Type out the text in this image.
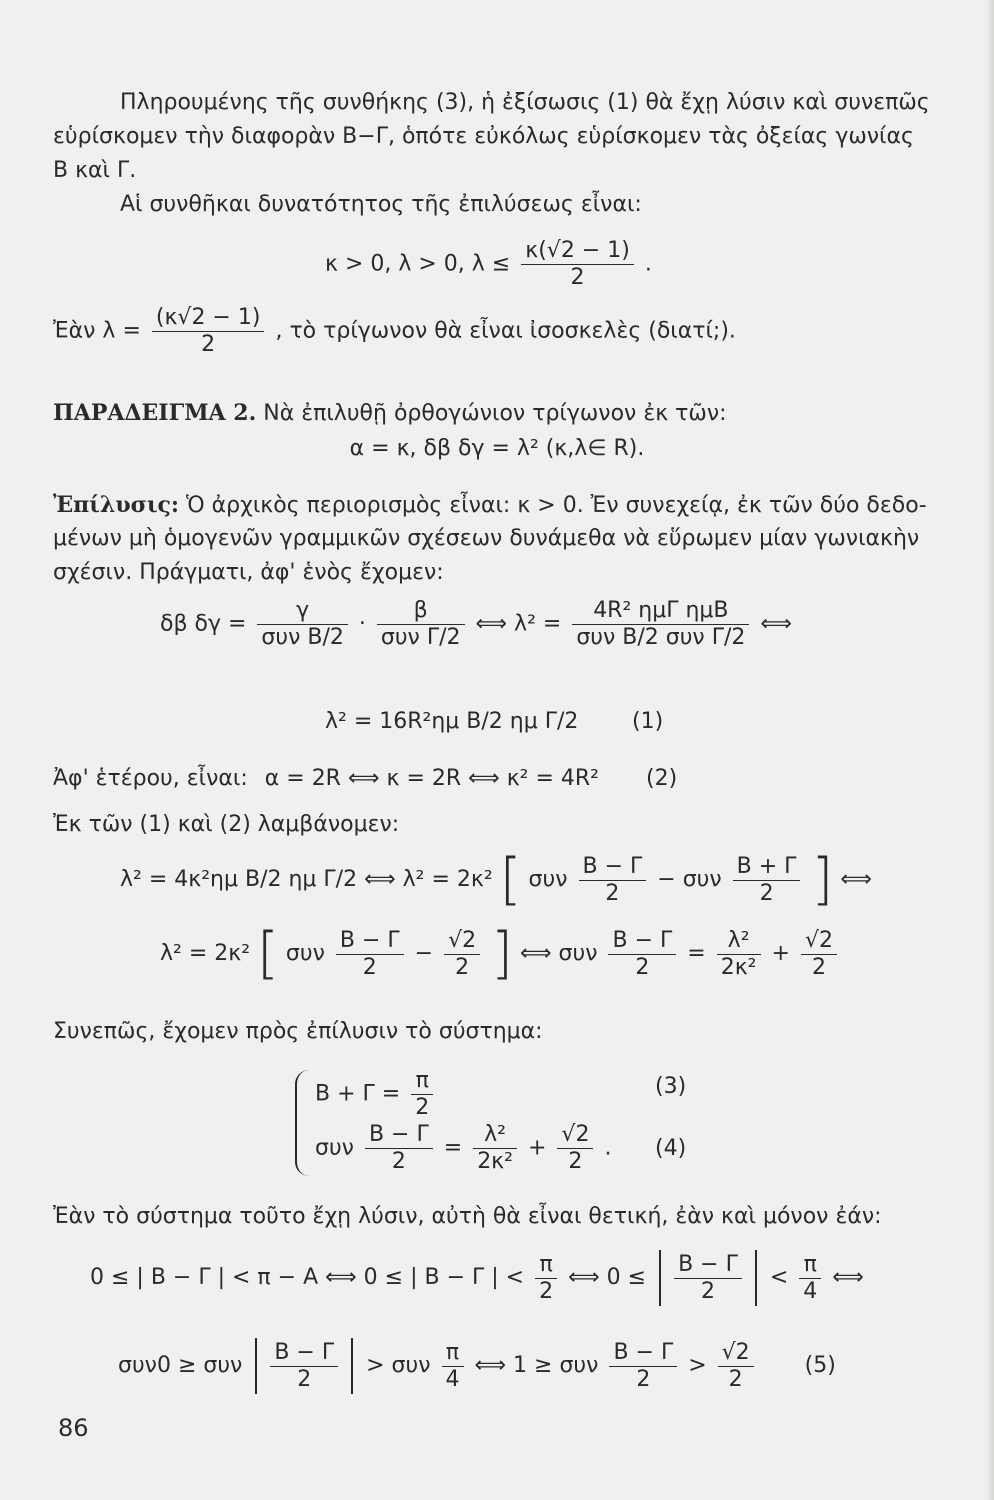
Πληρουμένης τῆς συνθήκης (3), ἡ ἐξίσωσις (1) θὰ ἔχῃ λύσιν καὶ συνεπῶς
εὑρίσκομεν τὴν διαφορὰν Β−Γ, ὁπότε εὐκόλως εὑρίσκομεν τὰς ὀξείας γωνίας
Β καὶ Γ.
Αἱ συνθῆκαι δυνατότητος τῆς ἐπιλύσεως εἶναι:
κ > 0, λ > 0, $\lambda \le \frac{\kappa(√2 - 1)}{2}$ .
Ἐὰν $\lambda = \frac{(\kappa√2 - 1)}{2}$ , τὸ τρίγωνον θὰ εἶναι ἰσοσκελὲς (διατί;).
ΠΑΡΑΔΕΙΓΜΑ 2. Νὰ ἐπιλυθῇ ὀρθογώνιον τρίγωνον ἐκ τῶν:
α = κ, δβ δγ = λ² (κ,λ∈ R).
Ἐπίλυσις: Ὁ ἀρχικὸς περιορισμὸς εἶναι: κ > 0. Ἐν συνεχείᾳ, ἐκ τῶν δύο δεδο-
μένων μὴ ὁμογενῶν γραμμικῶν σχέσεων δυνάμεθα νὰ εὕρωμεν μίαν γωνιακὴν
σχέσιν. Πράγματι, ἀφ' ἑνὸς ἔχομεν:
δβ $\delta\gamma = \frac{\gamma}{\text{συν Β/2}} \cdot \frac{\beta}{\text{συν Γ/2}}$ ⟺ $\lambda^2 = \frac{\text{4R² ημΓ ημΒ}}{\text{συν Β/2 συν Γ/2}}$ ⟺
λ² = 16R²ημ Β/2 ημ Γ/2 (1)
Ἀφ' ἑτέρου, εἶναι: α = 2R ⟺ κ = 2R ⟺ κ² = 4R² (2)
Ἐκ τῶν (1) καὶ (2) λαμβάνομεν:
λ² = 4κ²ημ Β/2 ημ Γ/2 ⟺ λ² = 2κ² [ συν $\frac{B - \Gamma}{2} - \sigma\upsilon\nu \frac{B + \Gamma}{2}$ ] ⟺
λ² = 2κ² [ συν $\frac{B - \Gamma}{2} - \frac{√2}{2}$ ] ⟺ συν $\frac{B - \Gamma}{2} = \frac{\text{λ²}}{\text{2κ²}} + \frac{√2}{2}$
Συνεπῶς, ἔχομεν πρὸς ἐπίλυσιν τὸ σύστημα:
$B + \Gamma = \frac{\pi}{2}$	(3)
συν $\frac{B - \Gamma}{2} = \frac{\text{λ²}}{\text{2κ²}} + \frac{√2}{2}$ . (4)
Ἐὰν τὸ σύστημα τοῦτο ἔχῃ λύσιν, αὐτὴ θὰ εἶναι θετική, ἐὰν καὶ μόνον ἐάν:
0 ≤ | Β − Γ | < π − Α ⟺ 0 ≤ | Β − Γ | < $\frac{\pi}{2}$ ⟺ $0 \le \frac{B - \Gamma}{2} < \frac{\pi}{4}$ ⟺
συν0 ≥ συν $\frac{B - \Gamma}{2} > \sigma\upsilon\nu \frac{\pi}{4}$ ⟺ 1 ≥ συν $\frac{B - \Gamma}{2} > \frac{√2}{2} (5)$
86
